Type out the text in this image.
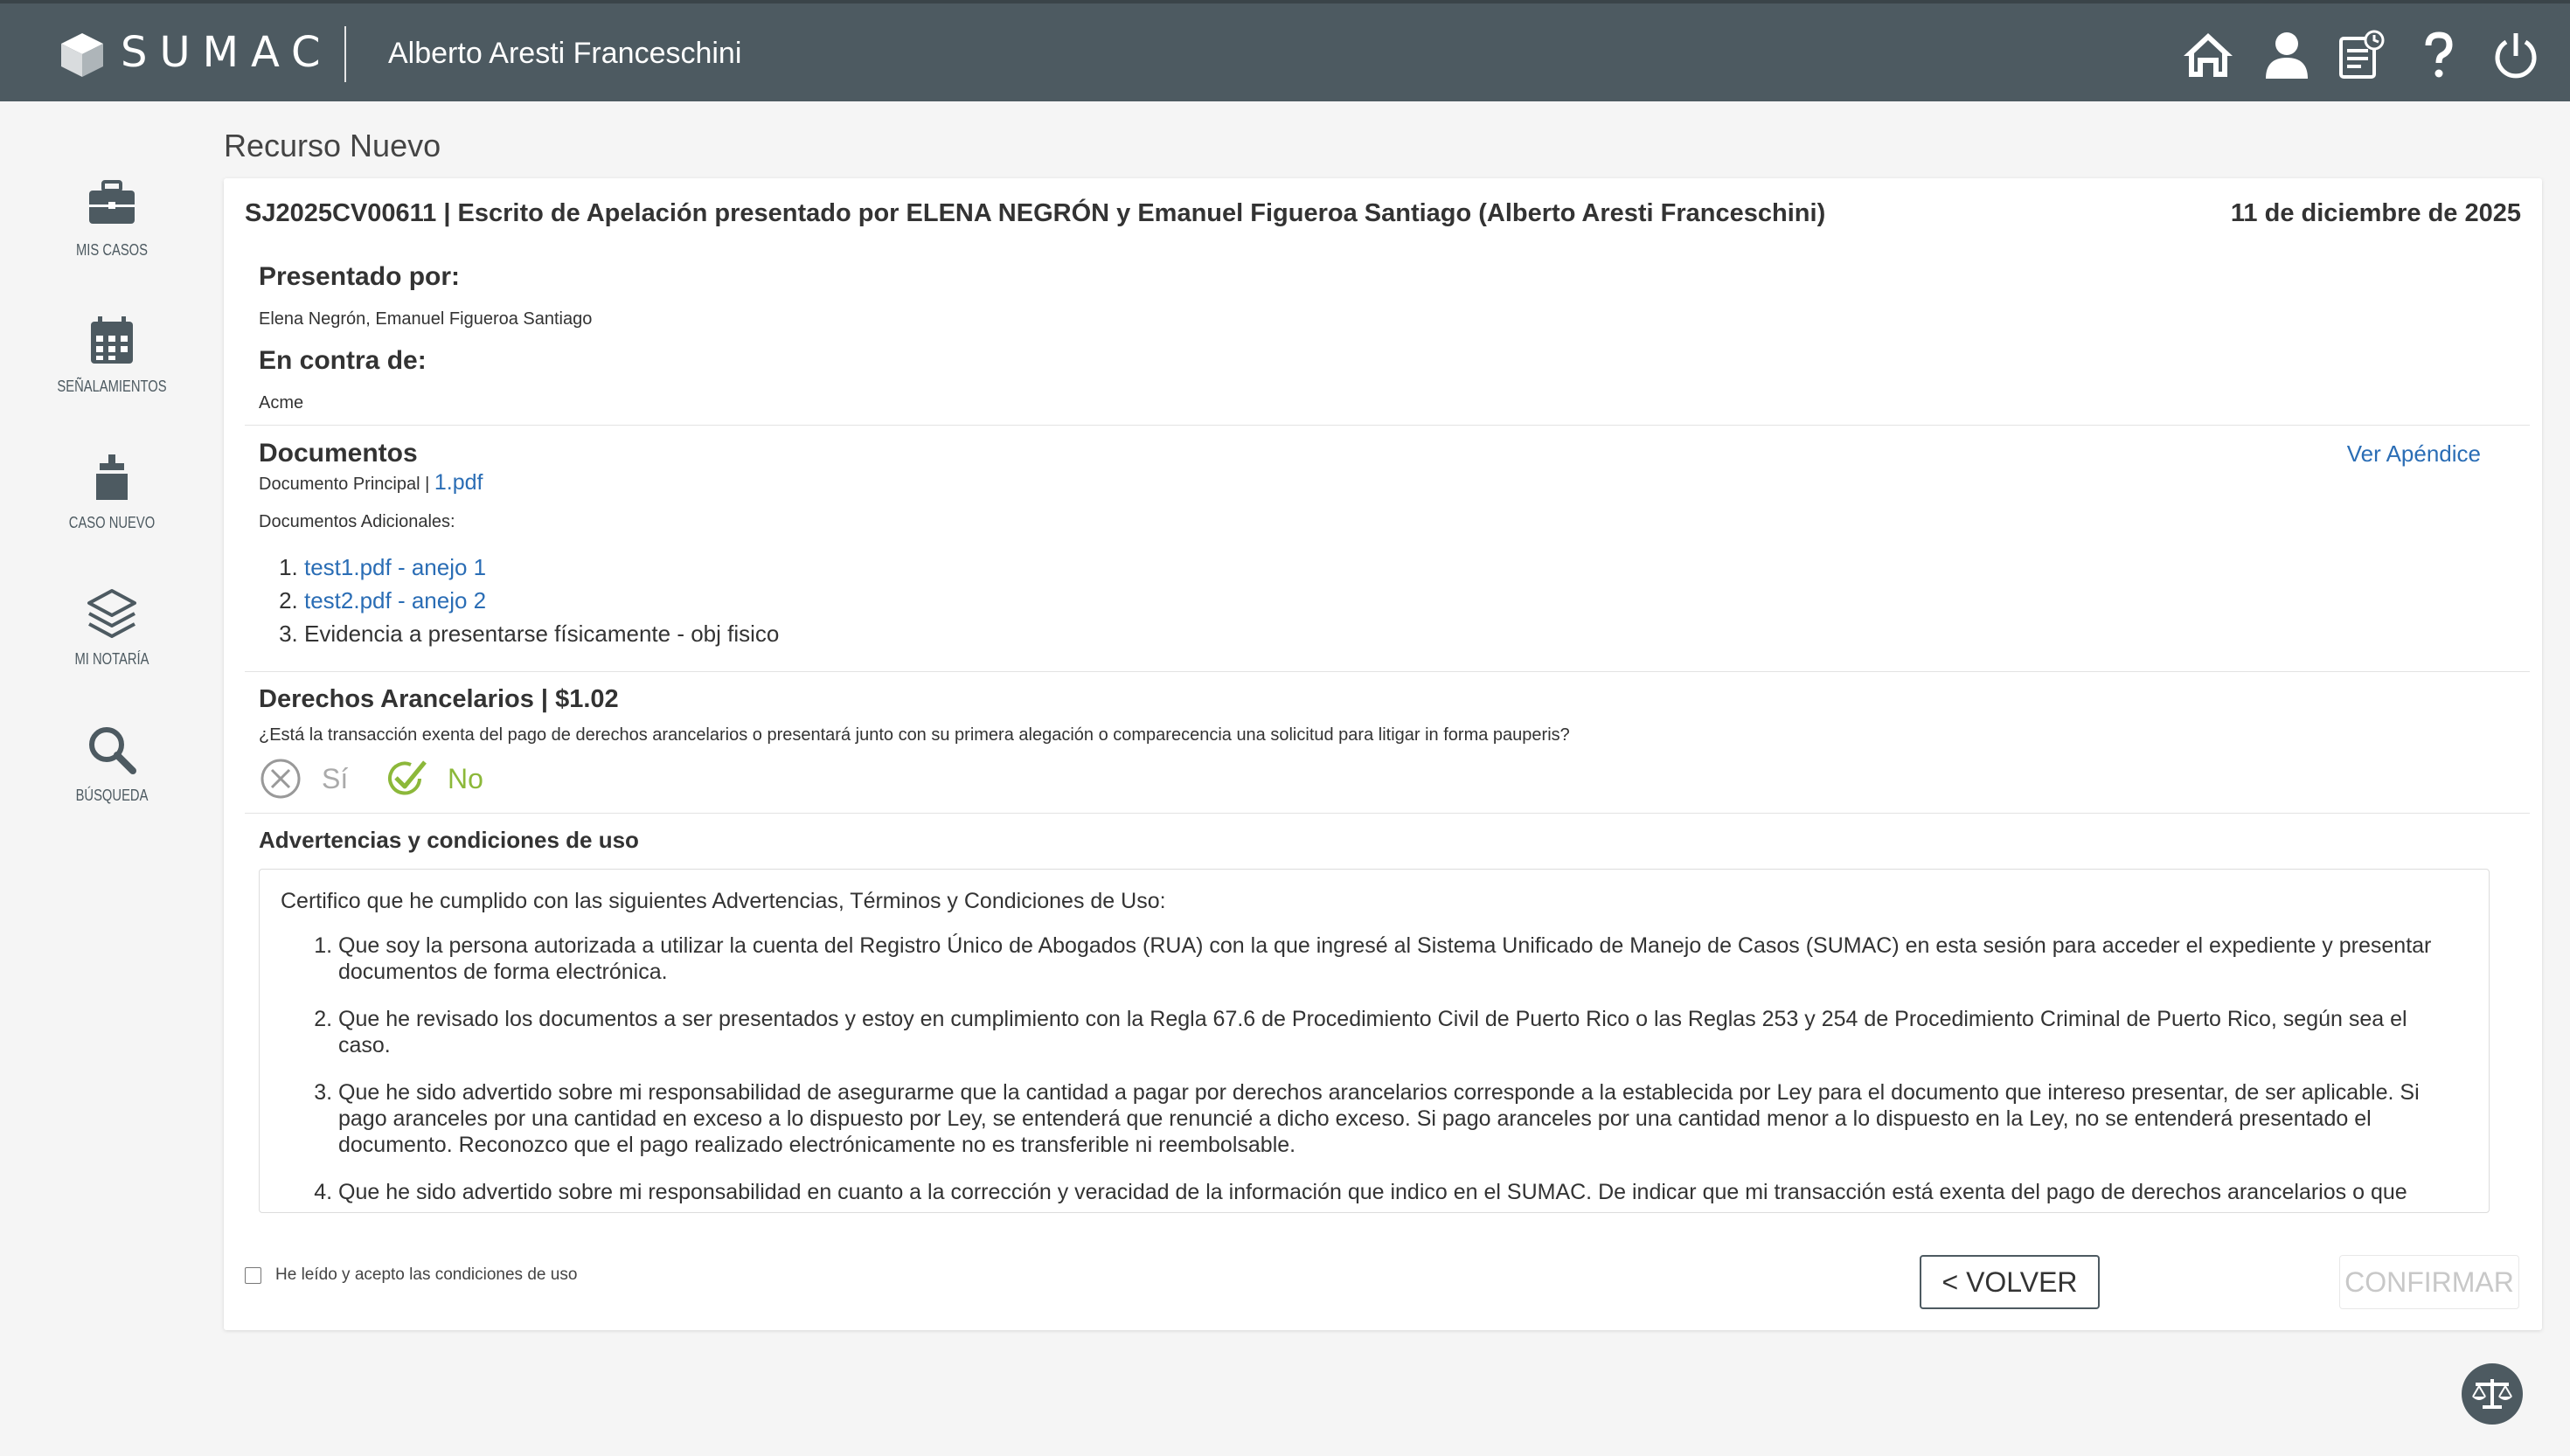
SUMAC Alberto Aresti Franceschini
MIS CASOS
SEÑALAMIENTOS
CASO NUEVO
MI NOTARÍA
BÚSQUEDA
Recurso Nuevo
SJ2025CV00611 | Escrito de Apelación presentado por ELENA NEGRÓN y Emanuel Figueroa Santiago (Alberto Aresti Franceschini)	11 de diciembre de 2025
Presentado por:
Elena Negrón, Emanuel Figueroa Santiago
En contra de:
Acme
Documentos	Ver Apéndice
Documento Principal | 1.pdf
Documentos Adicionales:
1. test1.pdf - anejo 1
2. test2.pdf - anejo 2
3. Evidencia a presentarse físicamente - obj fisico
Derechos Arancelarios | $1.02
¿Está la transacción exenta del pago de derechos arancelarios o presentará junto con su primera alegación o comparecencia una solicitud para litigar in forma pauperis?
Sí	No
Advertencias y condiciones de uso
Certifico que he cumplido con las siguientes Advertencias, Términos y Condiciones de Uso:
1. Que soy la persona autorizada a utilizar la cuenta del Registro Único de Abogados (RUA) con la que ingresé al Sistema Unificado de Manejo de Casos (SUMAC) en esta sesión para acceder el expediente y presentar documentos de forma electrónica.
2. Que he revisado los documentos a ser presentados y estoy en cumplimiento con la Regla 67.6 de Procedimiento Civil de Puerto Rico o las Reglas 253 y 254 de Procedimiento Criminal de Puerto Rico, según sea el caso.
3. Que he sido advertido sobre mi responsabilidad de asegurarme que la cantidad a pagar por derechos arancelarios corresponde a la establecida por Ley para el documento que intereso presentar, de ser aplicable. Si pago aranceles por una cantidad en exceso a lo dispuesto por Ley, se entenderá que renuncié a dicho exceso. Si pago aranceles por una cantidad menor a lo dispuesto en la Ley, no se entenderá presentado el documento. Reconozco que el pago realizado electrónicamente no es transferible ni reembolsable.
4. Que he sido advertido sobre mi responsabilidad en cuanto a la corrección y veracidad de la información que indico en el SUMAC. De indicar que mi transacción está exenta del pago de derechos arancelarios o que
He leído y acepto las condiciones de uso	< VOLVER	CONFIRMAR
